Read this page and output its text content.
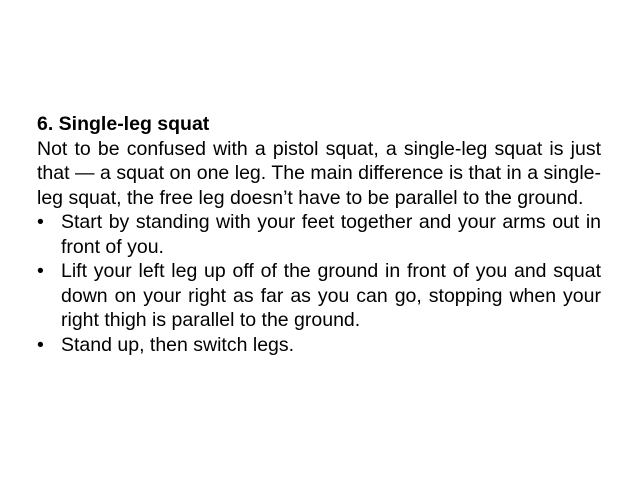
6. Single-leg squat

Not to be confused with a pistol squat, a single-leg squat is just that — a squat on one leg. The main difference is that in a single-leg squat, the free leg doesn’t have to be parallel to the ground.

• Start by standing with your feet together and your arms out in front of you.
• Lift your left leg up off of the ground in front of you and squat down on your right as far as you can go, stopping when your right thigh is parallel to the ground.
• Stand up, then switch legs.
